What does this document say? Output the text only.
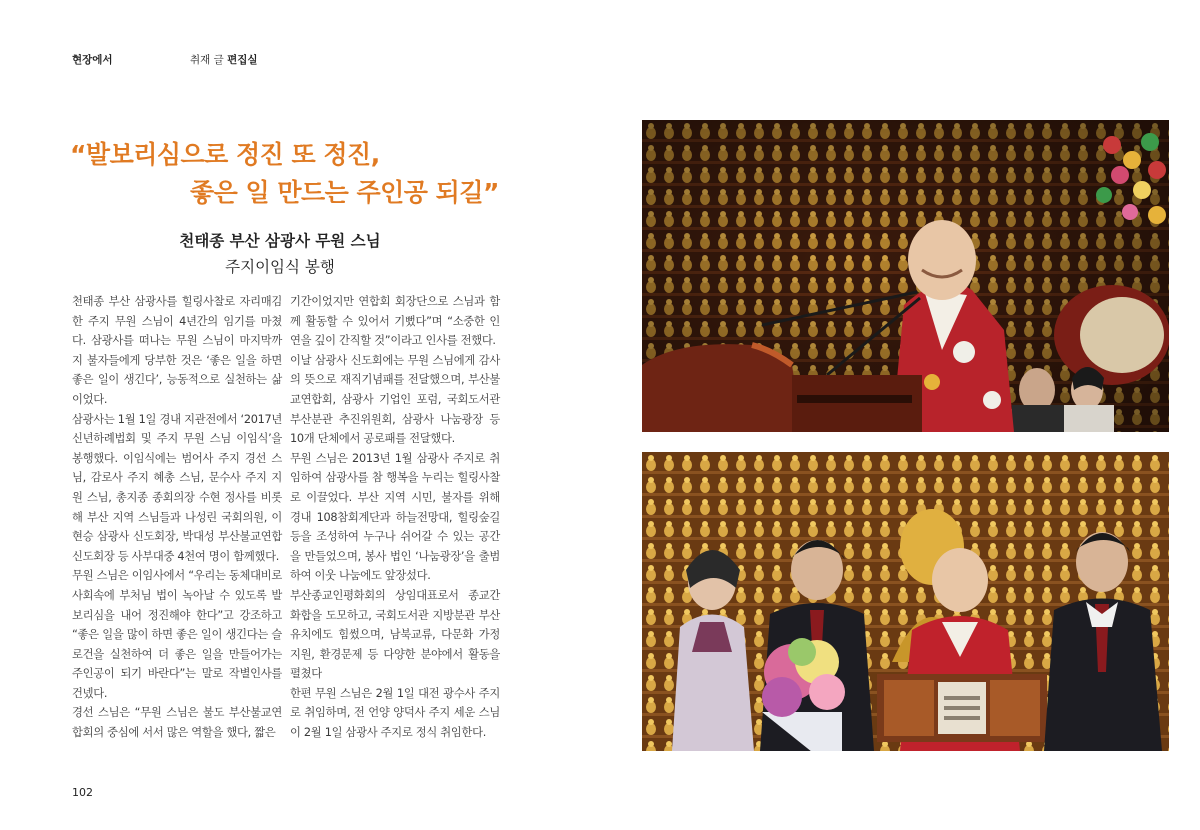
현장에서	취재 글 편집실
“발보리심으로 정진 또 정진,
좋은 일 만드는 주인공 되길”
천태종 부산 삼광사 무원 스님
주지이임식 봉행

천태종 부산 삼광사를 힐링사찰로 자리매김한 주지 무원 스님이 4년간의 임기를 마쳤다. 삼광사를 떠나는 무원 스님이 마지막까지 불자들에게 당부한 것은 ‘좋은 일을 하면 좋은 일이 생긴다’, 능동적으로 실천하는 삶이었다.

삼광사는 1월 1일 경내 지관전에서 ‘2017년 신년하례법회 및 주지 무원 스님 이임식’을 봉행했다. 이임식에는 범어사 주지 경선 스님, 감로사 주지 혜총 스님, 문수사 주지 지원 스님, 총지종 종회의장 수현 정사를 비롯해 부산 지역 스님들과 나성린 국회의원, 이현승 삼광사 신도회장, 박대성 부산불교연합 신도회장 등 사부대중 4천여 명이 함께했다.

무원 스님은 이임사에서 “우리는 동체대비로 사회속에 부처님 법이 녹아날 수 있도록 발보리심을 내어 정진해야 한다”고 강조하고 “좋은 일을 많이 하면 좋은 일이 생긴다는 슬로건을 실천하여 더 좋은 일을 만들어가는 주인공이 되기 바란다”는 말로 작별인사를 건넸다.

경선 스님은 “무원 스님은 불도 부산불교연합회의 중심에 서서 많은 역할을 했다, 짧은

기간이었지만 연합회 회장단으로 스님과 함께 활동할 수 있어서 기뻤다”며 “소중한 인연을 깊이 간직할 것”이라고 인사를 전했다.

이날 삼광사 신도회에는 무원 스님에게 감사의 뜻으로 재직기념패를 전달했으며, 부산불교연합회, 삼광사 기업인 포럼, 국회도서관 부산분관 추진위원회, 삼광사 나눔광장 등 10개 단체에서 공로패를 전달했다.

무원 스님은 2013년 1월 삼광사 주지로 취임하여 삼광사를 참 행복을 누리는 힐링사찰로 이끌었다. 부산 지역 시민, 불자를 위해 경내 108참회계단과 하늘전망대, 힐링숲길 등을 조성하여 누구나 쉬어갈 수 있는 공간을 만들었으며, 봉사 법인 ‘나눔광장’을 출범하여 이웃 나눔에도 앞장섰다.

부산종교인평화회의 상임대표로서 종교간 화합을 도모하고, 국회도서관 지방분관 부산 유치에도 힘썼으며, 남북교류, 다문화 가정 지원, 환경문제 등 다양한 분야에서 활동을 펼쳤다

한편 무원 스님은 2월 1일 대전 광수사 주지로 취임하며, 전 언양 양덕사 주지 세운 스님이 2월 1일 삼광사 주지로 정식 취임한다.

102
